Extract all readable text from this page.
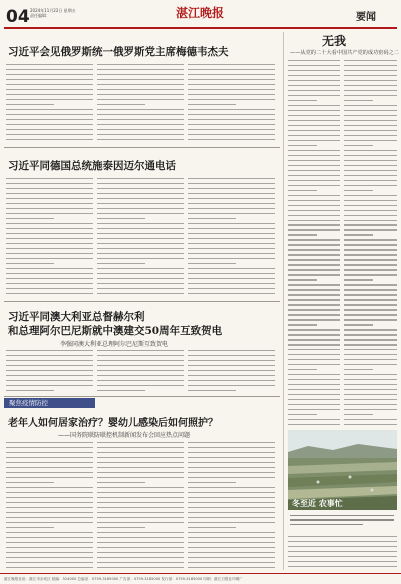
04 2024年11月22日 星期五
责任编辑：	湛江晚报	要闻
习近平会见俄罗斯统一俄罗斯党主席梅德韦杰夫
习近平同德国总统施泰因迈尔通电话
习近平同澳大利亚总督赫尔利
和总理阿尔巴尼斯就中澳建交50周年互致贺电
李强同澳大利亚总理阿尔巴尼斯互致贺电
聚焦疫情防控
老年人如何居家治疗？婴幼儿感染后如何照护？
——国务院联防联控机制新闻发布会回应热点问题
无我
——从党的二十大看中国共产党的成功密码之二
冬至近 农事忙
湛江晚报社址：湛江市赤坎区 邮编：524000 总编室：0759-3185000 广告部：0759-3185000 发行部：0759-3185000 印刷：湛江日报社印刷厂
